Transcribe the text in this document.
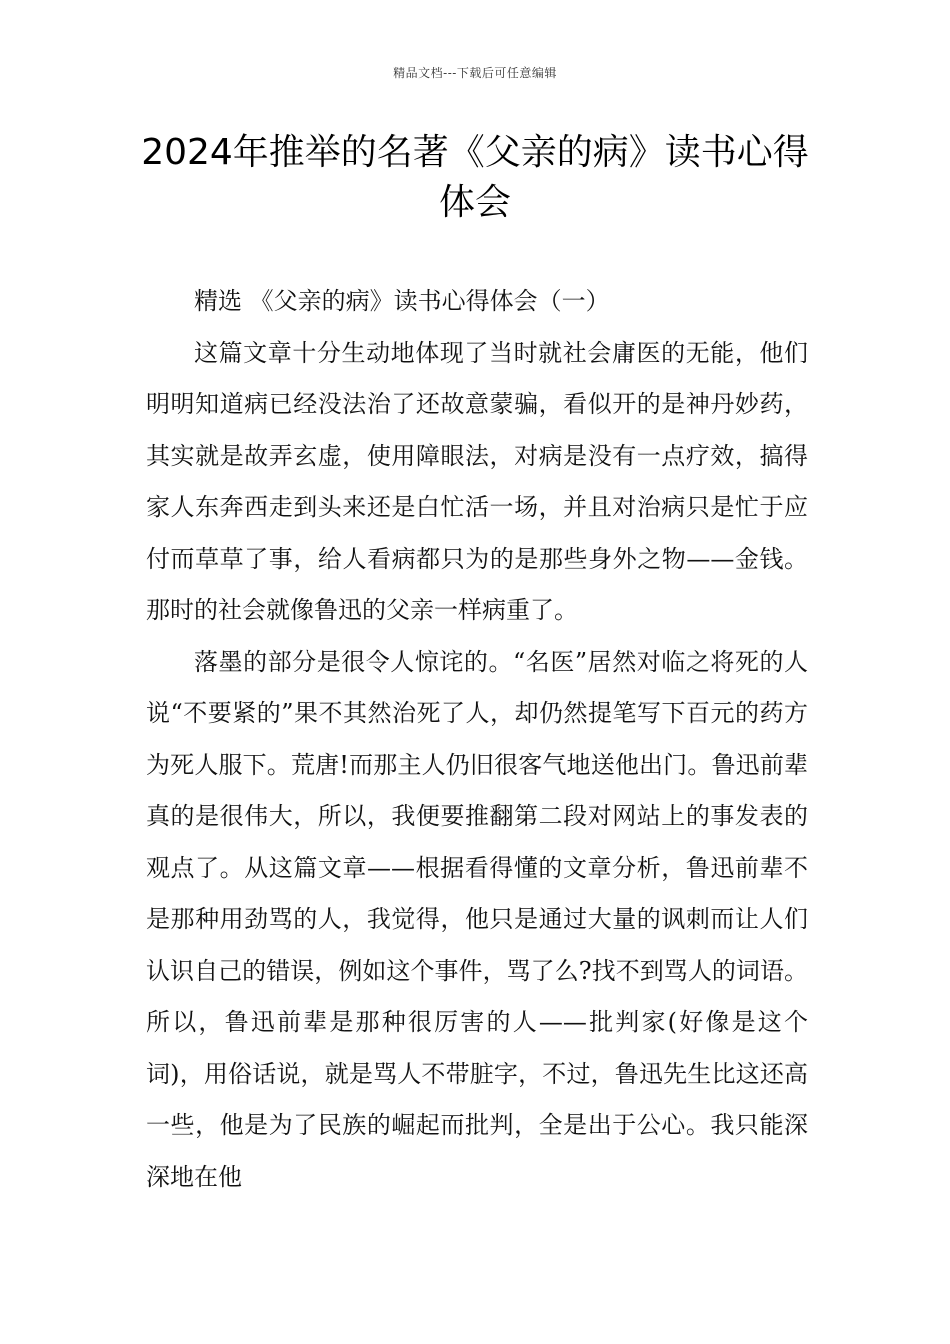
精品文档---下载后可任意编辑
2024年推举的名著《父亲的病》读书心得体会

精选 《父亲的病》读书心得体会（一）

这篇文章十分生动地体现了当时就社会庸医的无能，他们明明知道病已经没法治了还故意蒙骗，看似开的是神丹妙药，其实就是故弄玄虚，使用障眼法，对病是没有一点疗效，搞得家人东奔西走到头来还是白忙活一场，并且对治病只是忙于应付而草草了事，给人看病都只为的是那些身外之物——金钱。那时的社会就像鲁迅的父亲一样病重了。

落墨的部分是很令人惊诧的。“名医”居然对临之将死的人说“不要紧的”果不其然治死了人，却仍然提笔写下百元的药方为死人服下。荒唐!而那主人仍旧很客气地送他出门。鲁迅前辈真的是很伟大，所以，我便要推翻第二段对网站上的事发表的观点了。从这篇文章——根据看得懂的文章分析，鲁迅前辈不是那种用劲骂的人，我觉得，他只是通过大量的讽刺而让人们认识自己的错误，例如这个事件，骂了么?找不到骂人的词语。所以，鲁迅前辈是那种很厉害的人——批判家(好像是这个词)，用俗话说，就是骂人不带脏字，不过，鲁迅先生比这还高一些，他是为了民族的崛起而批判，全是出于公心。我只能深深地在他
